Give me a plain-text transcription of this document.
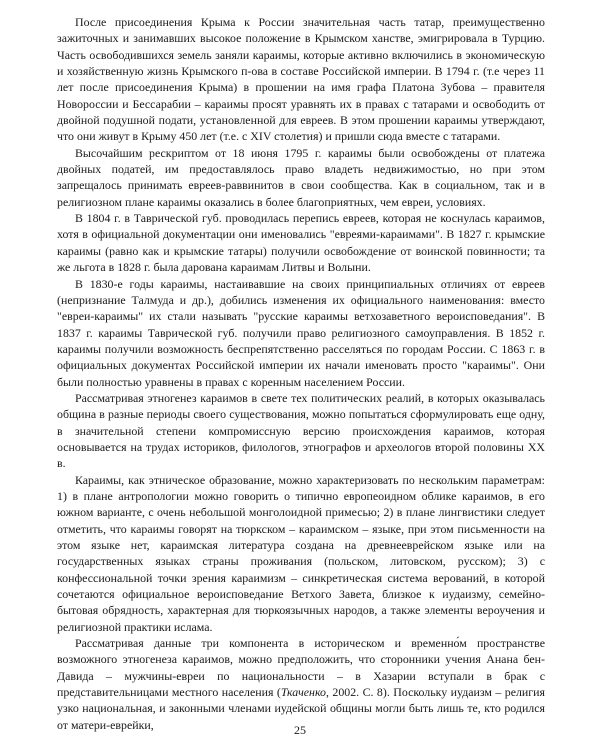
После присоединения Крыма к России значительная часть татар, преимущественно зажиточных и занимавших высокое положение в Крымском ханстве, эмигрировала в Турцию. Часть освободившихся земель заняли караимы, которые активно включились в экономическую и хозяйственную жизнь Крымского п-ова в составе Российской империи. В 1794 г. (т.е через 11 лет после присоединения Крыма) в прошении на имя графа Платона Зубова – правителя Новороссии и Бессарабии – караимы просят уравнять их в правах с татарами и освободить от двойной подушной подати, установленной для евреев. В этом прошении караимы утверждают, что они живут в Крыму 450 лет (т.е. с XIV столетия) и пришли сюда вместе с татарами.

Высочайшим рескриптом от 18 июня 1795 г. караимы были освобождены от платежа двойных податей, им предоставлялось право владеть недвижимостью, но при этом запрещалось принимать евреев-раввинитов в свои сообщества. Как в социальном, так и в религиозном плане караимы оказались в более благоприятных, чем евреи, условиях.

В 1804 г. в Таврической губ. проводилась перепись евреев, которая не коснулась караимов, хотя в официальной документации они именовались "евреями-караимами". В 1827 г. крымские караимы (равно как и крымские татары) получили освобождение от воинской повинности; та же льгота в 1828 г. была дарована караимам Литвы и Волыни.

В 1830-е годы караимы, настаивавшие на своих принципиальных отличиях от евреев (непризнание Талмуда и др.), добились изменения их официального наименования: вместо "евреи-караимы" их стали называть "русские караимы ветхозаветного вероисповедания". В 1837 г. караимы Таврической губ. получили право религиозного самоуправления. В 1852 г. караимы получили возможность беспрепятственно расселяться по городам России. С 1863 г. в официальных документах Российской империи их начали именовать просто "караимы". Они были полностью уравнены в правах с коренным населением России.

Рассматривая этногенез караимов в свете тех политических реалий, в которых оказывалась община в разные периоды своего существования, можно попытаться сформулировать еще одну, в значительной степени компромиссную версию происхождения караимов, которая основывается на трудах историков, филологов, этнографов и археологов второй половины XX в.

Караимы, как этническое образование, можно характеризовать по нескольким параметрам: 1) в плане антропологии можно говорить о типично европеоидном облике караимов, в его южном варианте, с очень небольшой монголоидной примесью; 2) в плане лингвистики следует отметить, что караимы говорят на тюркском – караимском – языке, при этом письменности на этом языке нет, караимская литература создана на древнееврейском языке или на государственных языках страны проживания (польском, литовском, русском); 3) с конфессиональной точки зрения караимизм – синкретическая система верований, в которой сочетаются официальное вероисповедание Ветхого Завета, близкое к иудаизму, семейно-бытовая обрядность, характерная для тюркоязычных народов, а также элементы вероучения и религиозной практики ислама.

Рассматривая данные три компонента в историческом и временно́м пространстве возможного этногенеза караимов, можно предположить, что сторонники учения Анана бен-Давида – мужчины-евреи по национальности – в Хазарии вступали в брак с представительницами местного населения (Ткаченко, 2002. С. 8). Поскольку иудаизм – религия узко национальная, и законными членами иудейской общины могли быть лишь те, кто родился от матери-еврейки,	25
